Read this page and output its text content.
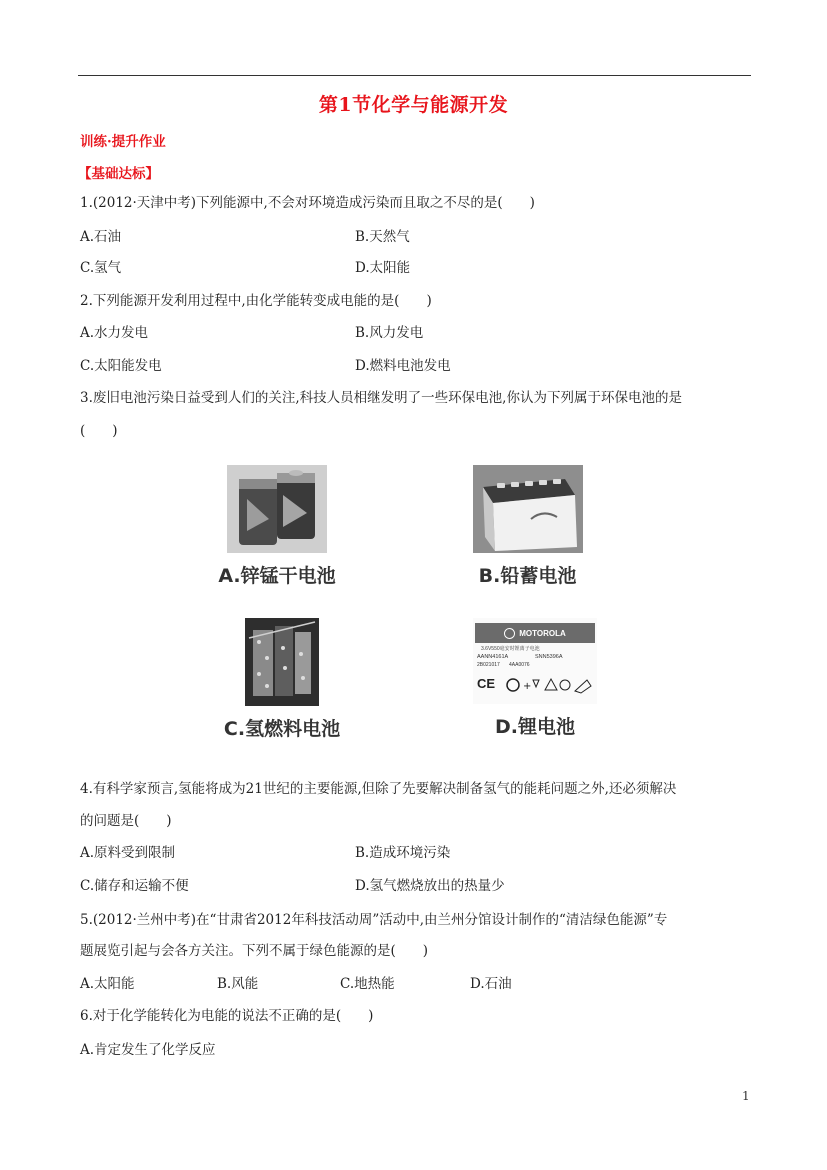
第1节化学与能源开发
训练·提升作业
【基础达标】
1.(2012·天津中考)下列能源中,不会对环境造成污染而且取之不尽的是(　　)
A.石油	B.天然气
C.氢气	D.太阳能
2.下列能源开发利用过程中,由化学能转变成电能的是(　　)
A.水力发电	B.风力发电
C.太阳能发电	D.燃料电池发电
3.废旧电池污染日益受到人们的关注,科技人员相继发明了一些环保电池,你认为下列属于环保电池的是
(　　)
A.锌锰干电池	B.铅蓄电池
C.氢燃料电池
MOTOROLA
3.6V550毫安时锂离子电池
AANN4161A	SNN5396A
2B021017 4AA0076
CE	+
D.锂电池
4.有科学家预言,氢能将成为21世纪的主要能源,但除了先要解决制备氢气的能耗问题之外,还必须解决
的问题是(　　)
A.原料受到限制	B.造成环境污染
C.储存和运输不便	D.氢气燃烧放出的热量少
5.(2012·兰州中考)在“甘肃省2012年科技活动周”活动中,由兰州分馆设计制作的“清洁绿色能源”专
题展览引起与会各方关注。下列不属于绿色能源的是(　　)
A.太阳能	B.风能	C.地热能	D.石油
6.对于化学能转化为电能的说法不正确的是(　　)
A.肯定发生了化学反应
1
